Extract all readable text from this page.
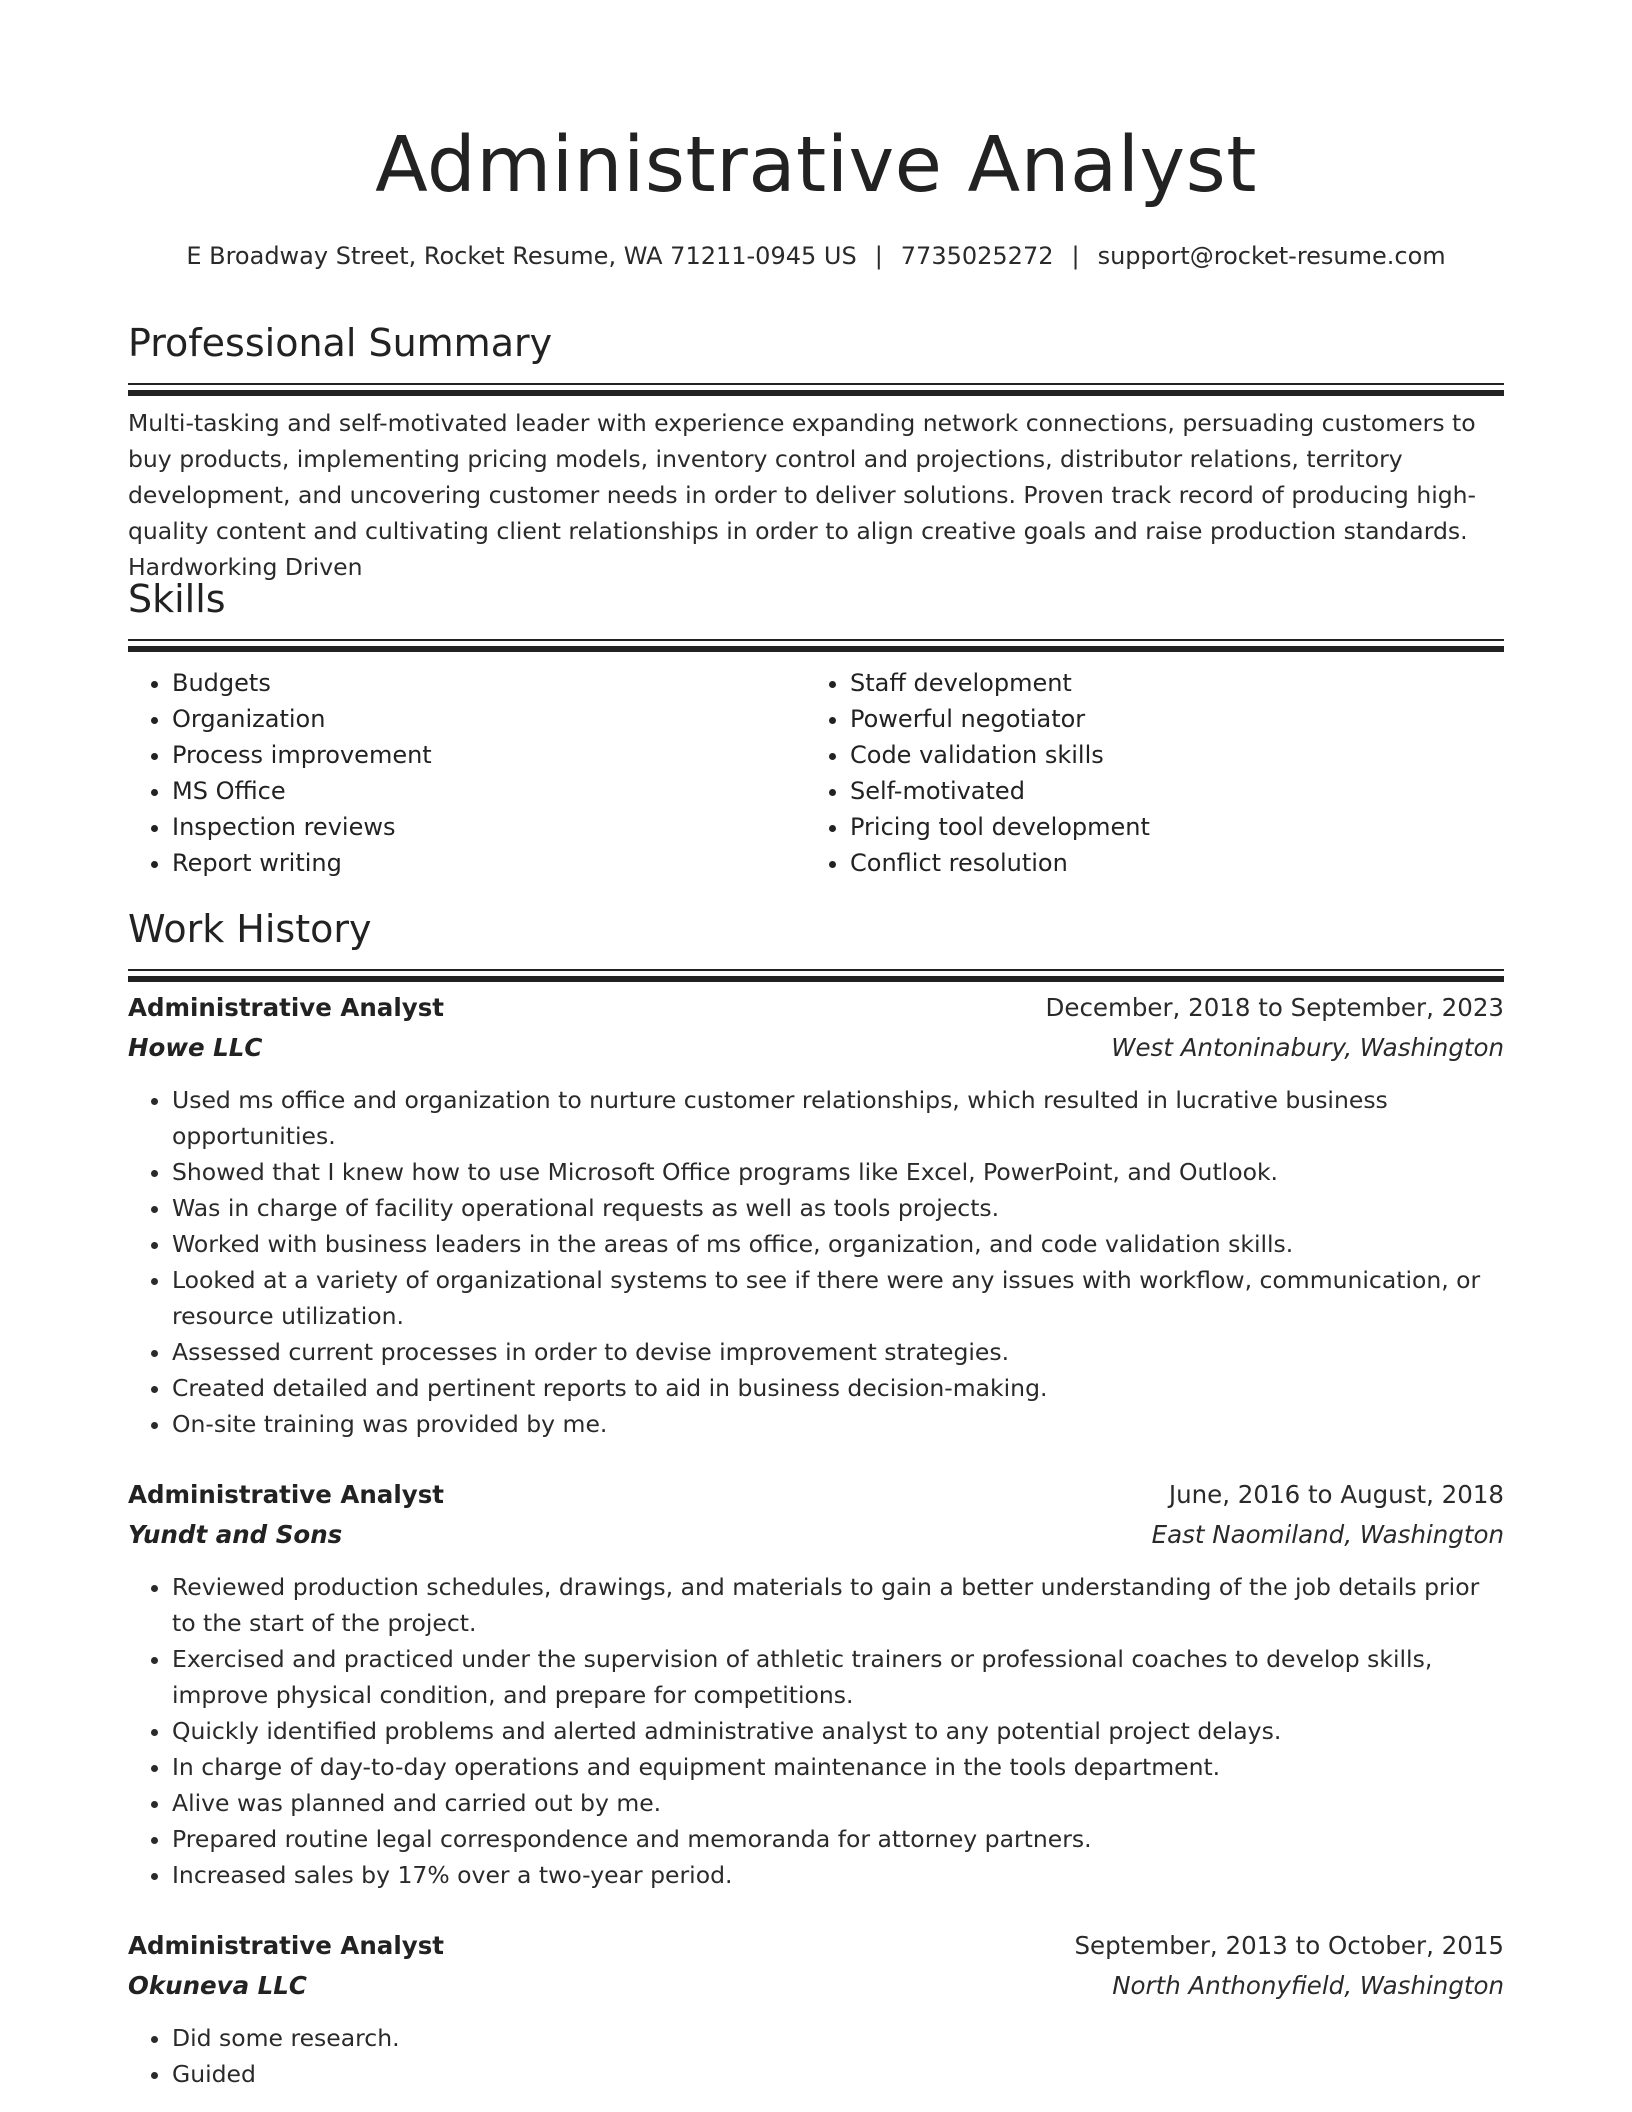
Administrative Analyst
E Broadway Street, Rocket Resume, WA 71211-0945 US | 7735025272 | support@rocket-resume.com
Professional Summary

Multi-tasking and self-motivated leader with experience expanding network connections, persuading customers to buy products, implementing pricing models, inventory control and projections, distributor relations, territory development, and uncovering customer needs in order to deliver solutions. Proven track record of producing high-quality content and cultivating client relationships in order to align creative goals and raise production standards. Hardworking Driven

Skills
• Budgets
• Organization
• Process improvement
• MS Office
• Inspection reviews
• Report writing
• Staff development
• Powerful negotiator
• Code validation skills
• Self-motivated
• Pricing tool development
• Conflict resolution
Work History
Administrative Analyst	December, 2018 to September, 2023
Howe LLC	West Antoninabury, Washington
• Used ms office and organization to nurture customer relationships, which resulted in lucrative business opportunities.
• Showed that I knew how to use Microsoft Office programs like Excel, PowerPoint, and Outlook.
• Was in charge of facility operational requests as well as tools projects.
• Worked with business leaders in the areas of ms office, organization, and code validation skills.
• Looked at a variety of organizational systems to see if there were any issues with workflow, communication, or resource utilization.
• Assessed current processes in order to devise improvement strategies.
• Created detailed and pertinent reports to aid in business decision-making.
• On-site training was provided by me.
Administrative Analyst	June, 2016 to August, 2018
Yundt and Sons	East Naomiland, Washington
• Reviewed production schedules, drawings, and materials to gain a better understanding of the job details prior to the start of the project.
• Exercised and practiced under the supervision of athletic trainers or professional coaches to develop skills, improve physical condition, and prepare for competitions.
• Quickly identified problems and alerted administrative analyst to any potential project delays.
• In charge of day-to-day operations and equipment maintenance in the tools department.
• Alive was planned and carried out by me.
• Prepared routine legal correspondence and memoranda for attorney partners.
• Increased sales by 17% over a two-year period.
Administrative Analyst	September, 2013 to October, 2015
Okuneva LLC	North Anthonyfield, Washington
• Did some research.
• Guided
